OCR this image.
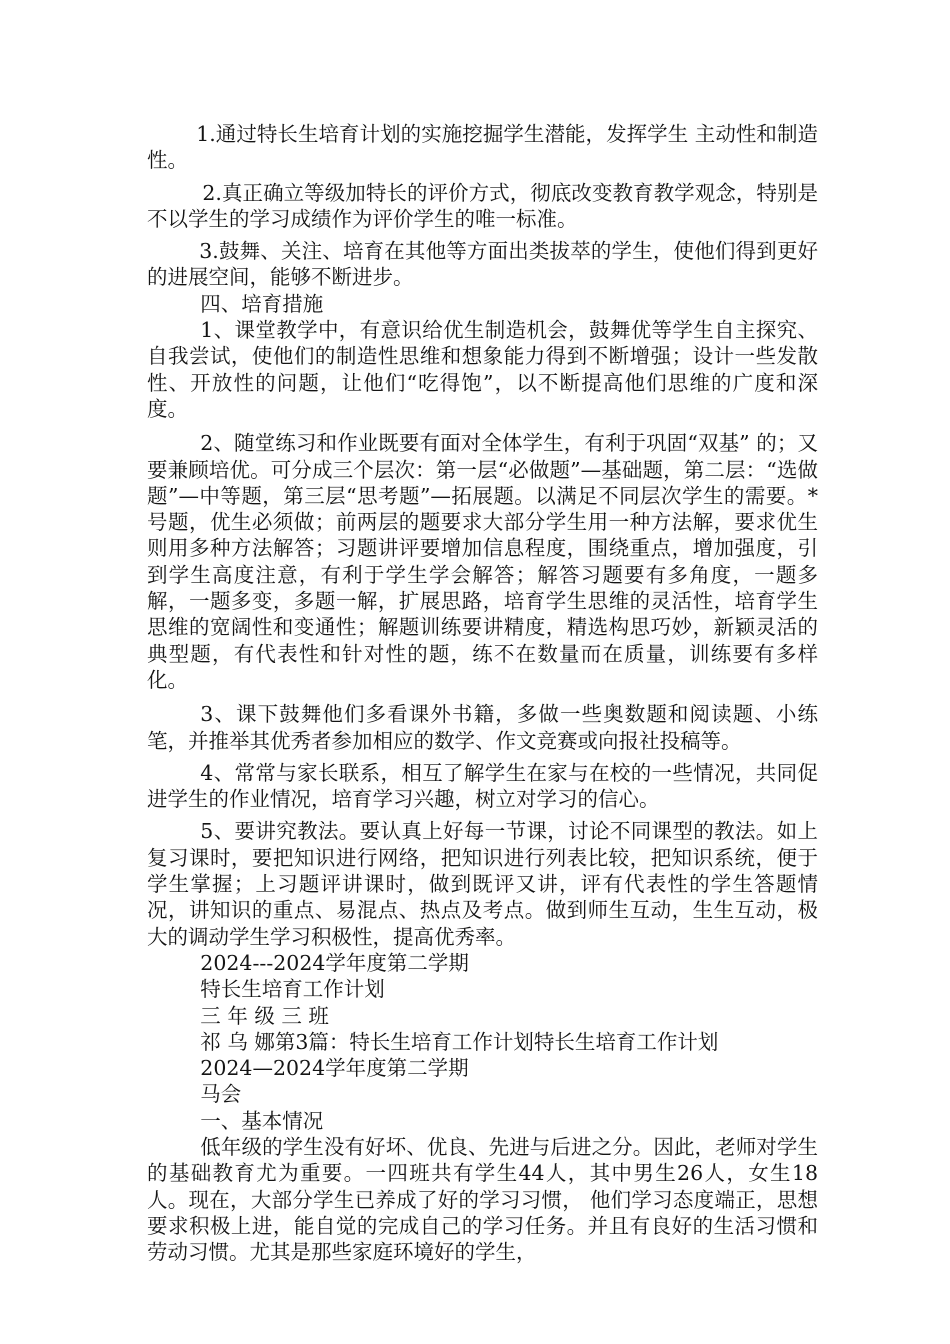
1.通过特长生培育计划的实施挖掘学生潜能，发挥学生 主动性和制造性。

2.真正确立等级加特长的评价方式，彻底改变教育教学观念，特别是不以学生的学习成绩作为评价学生的唯一标准。

3.鼓舞、关注、培育在其他等方面出类拔萃的学生，使他们得到更好的进展空间，能够不断进步。

四、培育措施

1、课堂教学中，有意识给优生制造机会，鼓舞优等学生自主探究、自我尝试，使他们的制造性思维和想象能力得到不断增强；设计一些发散性、开放性的问题，让他们“吃得饱”，以不断提高他们思维的广度和深度。

2、随堂练习和作业既要有面对全体学生，有利于巩固“双基” 的；又要兼顾培优。可分成三个层次：第一层“必做题”—基础题，第二层：“选做题”—中等题，第三层“思考题”—拓展题。以满足不同层次学生的需要。*号题，优生必须做；前两层的题要求大部分学生用一种方法解，要求优生则用多种方法解答；习题讲评要增加信息程度，围绕重点，增加强度，引到学生高度注意，有利于学生学会解答；解答习题要有多角度，一题多解，一题多变，多题一解，扩展思路，培育学生思维的灵活性，培育学生思维的宽阔性和变通性；解题训练要讲精度，精选构思巧妙，新颖灵活的典型题，有代表性和针对性的题，练不在数量而在质量，训练要有多样化。

3、课下鼓舞他们多看课外书籍，多做一些奥数题和阅读题、小练笔，并推举其优秀者参加相应的数学、作文竞赛或向报社投稿等。

4、常常与家长联系，相互了解学生在家与在校的一些情况，共同促进学生的作业情况，培育学习兴趣，树立对学习的信心。

5、要讲究教法。要认真上好每一节课，讨论不同课型的教法。如上复习课时，要把知识进行网络，把知识进行列表比较，把知识系统，便于学生掌握；上习题评讲课时，做到既评又讲，评有代表性的学生答题情况，讲知识的重点、易混点、热点及考点。做到师生互动，生生互动，极大的调动学生学习积极性，提高优秀率。

2024---2024学年度第二学期

特长生培育工作计划

三 年 级 三 班

祁 乌 娜第3篇：特长生培育工作计划特长生培育工作计划

2024—2024学年度第二学期

马会

一、基本情况

低年级的学生没有好坏、优良、先进与后进之分。因此，老师对学生的基础教育尤为重要。一四班共有学生44人，其中男生26人，女生18人。现在，大部分学生已养成了好的学习习惯， 他们学习态度端正，思想要求积极上进，能自觉的完成自己的学习任务。并且有良好的生活习惯和劳动习惯。尤其是那些家庭环境好的学生，
